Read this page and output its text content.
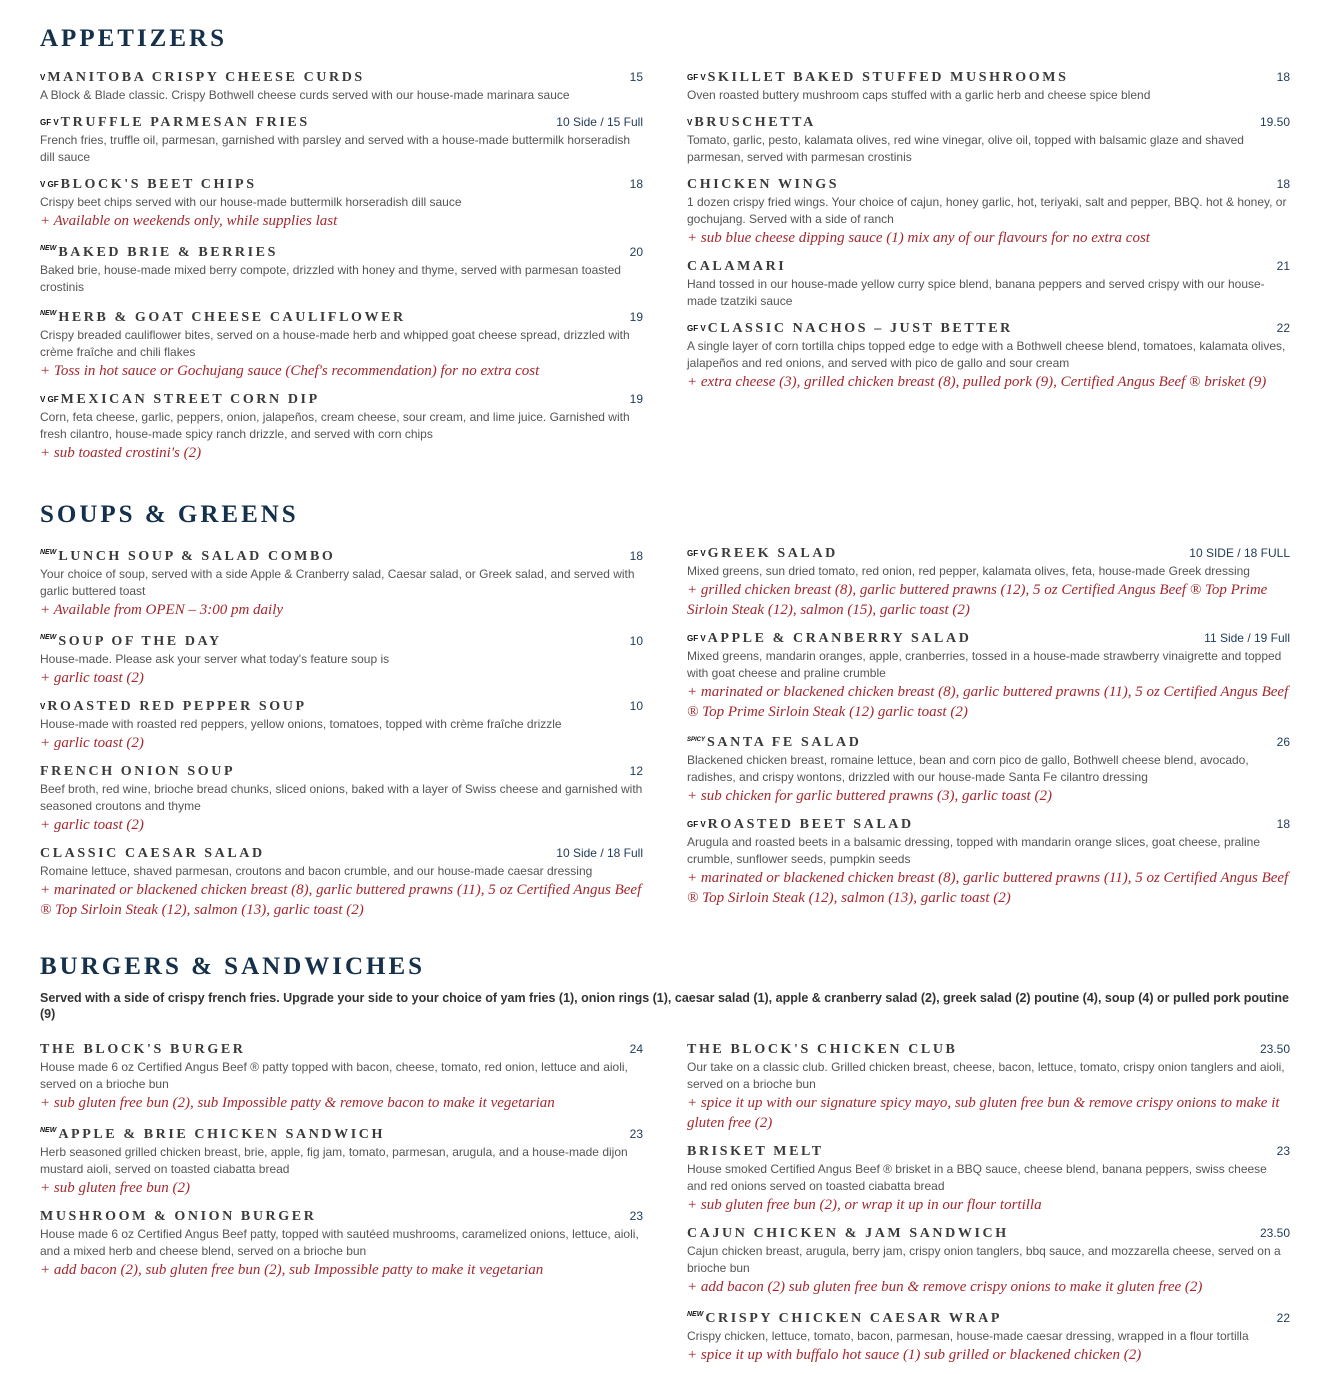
APPETIZERS
V MANITOBA CRISPY CHEESE CURDS	15
A Block & Blade classic. Crispy Bothwell cheese curds served with our house-made marinara sauce
GF V TRUFFLE PARMESAN FRIES	10 Side / 15 Full
French fries, truffle oil, parmesan, garnished with parsley and served with a house-made buttermilk horseradish dill sauce
V GF BLOCK'S BEET CHIPS	18
Crispy beet chips served with our house-made buttermilk horseradish dill sauce
+ Available on weekends only, while supplies last
$^{NEW}$ BAKED BRIE & BERRIES	20
Baked brie, house-made mixed berry compote, drizzled with honey and thyme, served with parmesan toasted crostinis
$^{NEW}$ HERB & GOAT CHEESE CAULIFLOWER	19
Crispy breaded cauliflower bites, served on a house-made herb and whipped goat cheese spread, drizzled with crème fraîche and chili flakes
+ Toss in hot sauce or Gochujang sauce (Chef's recommendation) for no extra cost
V GF MEXICAN STREET CORN DIP	19
Corn, feta cheese, garlic, peppers, onion, jalapeños, cream cheese, sour cream, and lime juice. Garnished with fresh cilantro, house-made spicy ranch drizzle, and served with corn chips
+ sub toasted crostini's (2)
GF V SKILLET BAKED STUFFED MUSHROOMS	18
Oven roasted buttery mushroom caps stuffed with a garlic herb and cheese spice blend
V BRUSCHETTA	19.50
Tomato, garlic, pesto, kalamata olives, red wine vinegar, olive oil, topped with balsamic glaze and shaved parmesan, served with parmesan crostinis
CHICKEN WINGS	18
1 dozen crispy fried wings. Your choice of cajun, honey garlic, hot, teriyaki, salt and pepper, BBQ. hot & honey, or gochujang. Served with a side of ranch
+ sub blue cheese dipping sauce (1) mix any of our flavours for no extra cost
CALAMARI	21
Hand tossed in our house-made yellow curry spice blend, banana peppers and served crispy with our house-made tzatziki sauce
GF V CLASSIC NACHOS – JUST BETTER	22
A single layer of corn tortilla chips topped edge to edge with a Bothwell cheese blend, tomatoes, kalamata olives, jalapeños and red onions, and served with pico de gallo and sour cream
+ extra cheese (3), grilled chicken breast (8), pulled pork (9), Certified Angus Beef ® brisket (9)
SOUPS & GREENS
$^{NEW}$ LUNCH SOUP & SALAD COMBO	18
Your choice of soup, served with a side Apple & Cranberry salad, Caesar salad, or Greek salad, and served with garlic buttered toast
+ Available from OPEN – 3:00 pm daily
$^{NEW}$ SOUP OF THE DAY	10
House-made. Please ask your server what today's feature soup is
+ garlic toast (2)
V ROASTED RED PEPPER SOUP	10
House-made with roasted red peppers, yellow onions, tomatoes, topped with crème fraîche drizzle
+ garlic toast (2)
FRENCH ONION SOUP	12
Beef broth, red wine, brioche bread chunks, sliced onions, baked with a layer of Swiss cheese and garnished with seasoned croutons and thyme
+ garlic toast (2)
CLASSIC CAESAR SALAD	10 Side / 18 Full
Romaine lettuce, shaved parmesan, croutons and bacon crumble, and our house-made caesar dressing
+ marinated or blackened chicken breast (8), garlic buttered prawns (11), 5 oz Certified Angus Beef ® Top Sirloin Steak (12), salmon (13), garlic toast (2)
GF V GREEK SALAD	10 SIDE / 18 FULL
Mixed greens, sun dried tomato, red onion, red pepper, kalamata olives, feta, house-made Greek dressing
+ grilled chicken breast (8), garlic buttered prawns (12), 5 oz Certified Angus Beef ® Top Prime Sirloin Steak (12), salmon (15), garlic toast (2)
GF V APPLE & CRANBERRY SALAD	11 Side / 19 Full
Mixed greens, mandarin oranges, apple, cranberries, tossed in a house-made strawberry vinaigrette and topped with goat cheese and praline crumble
+ marinated or blackened chicken breast (8), garlic buttered prawns (11), 5 oz Certified Angus Beef ® Top Prime Sirloin Steak (12) garlic toast (2)
$^{SPICY}$ SANTA FE SALAD	26
Blackened chicken breast, romaine lettuce, bean and corn pico de gallo, Bothwell cheese blend, avocado, radishes, and crispy wontons, drizzled with our house-made Santa Fe cilantro dressing
+ sub chicken for garlic buttered prawns (3), garlic toast (2)
GF V ROASTED BEET SALAD	18
Arugula and roasted beets in a balsamic dressing, topped with mandarin orange slices, goat cheese, praline crumble, sunflower seeds, pumpkin seeds
+ marinated or blackened chicken breast (8), garlic buttered prawns (11), 5 oz Certified Angus Beef ® Top Sirloin Steak (12), salmon (13), garlic toast (2)
BURGERS & SANDWICHES
Served with a side of crispy french fries. Upgrade your side to your choice of yam fries (1), onion rings (1), caesar salad (1), apple & cranberry salad (2), greek salad (2) poutine (4), soup (4) or pulled pork poutine (9)
THE BLOCK'S BURGER	24
House made 6 oz Certified Angus Beef ® patty topped with bacon, cheese, tomato, red onion, lettuce and aioli, served on a brioche bun
+ sub gluten free bun (2), sub Impossible patty & remove bacon to make it vegetarian
$^{NEW}$ APPLE & BRIE CHICKEN SANDWICH	23
Herb seasoned grilled chicken breast, brie, apple, fig jam, tomato, parmesan, arugula, and a house-made dijon mustard aioli, served on toasted ciabatta bread
+ sub gluten free bun (2)
MUSHROOM & ONION BURGER	23
House made 6 oz Certified Angus Beef patty, topped with sautéed mushrooms, caramelized onions, lettuce, aioli, and a mixed herb and cheese blend, served on a brioche bun
+ add bacon (2), sub gluten free bun (2), sub Impossible patty to make it vegetarian
THE BLOCK'S CHICKEN CLUB	23.50
Our take on a classic club. Grilled chicken breast, cheese, bacon, lettuce, tomato, crispy onion tanglers and aioli, served on a brioche bun
+ spice it up with our signature spicy mayo, sub gluten free bun & remove crispy onions to make it gluten free (2)
BRISKET MELT	23
House smoked Certified Angus Beef ® brisket in a BBQ sauce, cheese blend, banana peppers, swiss cheese and red onions served on toasted ciabatta bread
+ sub gluten free bun (2), or wrap it up in our flour tortilla
CAJUN CHICKEN & JAM SANDWICH	23.50
Cajun chicken breast, arugula, berry jam, crispy onion tanglers, bbq sauce, and mozzarella cheese, served on a brioche bun
+ add bacon (2) sub gluten free bun & remove crispy onions to make it gluten free (2)
$^{NEW}$ CRISPY CHICKEN CAESAR WRAP	22
Crispy chicken, lettuce, tomato, bacon, parmesan, house-made caesar dressing, wrapped in a flour tortilla
+ spice it up with buffalo hot sauce (1) sub grilled or blackened chicken (2)
